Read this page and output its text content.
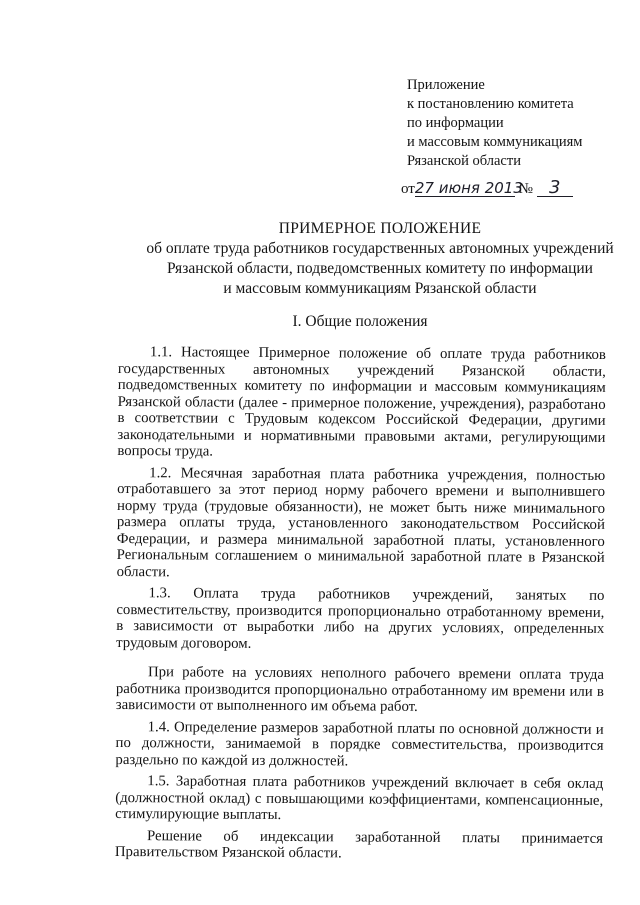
Приложение
к постановлению комитета
по информации
и массовым коммуникациям
Рязанской области
от27 июня 2013 № 3
ПРИМЕРНОЕ ПОЛОЖЕНИЕ
об оплате труда работников государственных автономных учреждений
Рязанской области, подведомственных комитету по информации
и массовым коммуникациям Рязанской области
I. Общие положения

1.1. Настоящее Примерное положение об оплате труда работников государственных автономных учреждений Рязанской области, подведомственных комитету по информации и массовым коммуникациям Рязанской области (далее - примерное положение, учреждения), разработано в соответствии с Трудовым кодексом Российской Федерации, другими законодательными и нормативными правовыми актами, регулирующими вопросы труда.

1.2. Месячная заработная плата работника учреждения, полностью отработавшего за этот период норму рабочего времени и выполнившего норму труда (трудовые обязанности), не может быть ниже минимального размера оплаты труда, установленного законодательством Российской Федерации, и размера минимальной заработной платы, установленного Региональным соглашением о минимальной заработной плате в Рязанской области.

1.3. Оплата труда работников учреждений, занятых по совместительству, производится пропорционально отработанному времени, в зависимости от выработки либо на других условиях, определенных трудовым договором.

При работе на условиях неполного рабочего времени оплата труда работника производится пропорционально отработанному им времени или в зависимости от выполненного им объема работ.

1.4. Определение размеров заработной платы по основной должности и по должности, занимаемой в порядке совместительства, производится раздельно по каждой из должностей.

1.5. Заработная плата работников учреждений включает в себя оклад (должностной оклад) с повышающими коэффициентами, компенсационные, стимулирующие выплаты.

Решение об индексации заработанной платы принимается Правительством Рязанской области.
